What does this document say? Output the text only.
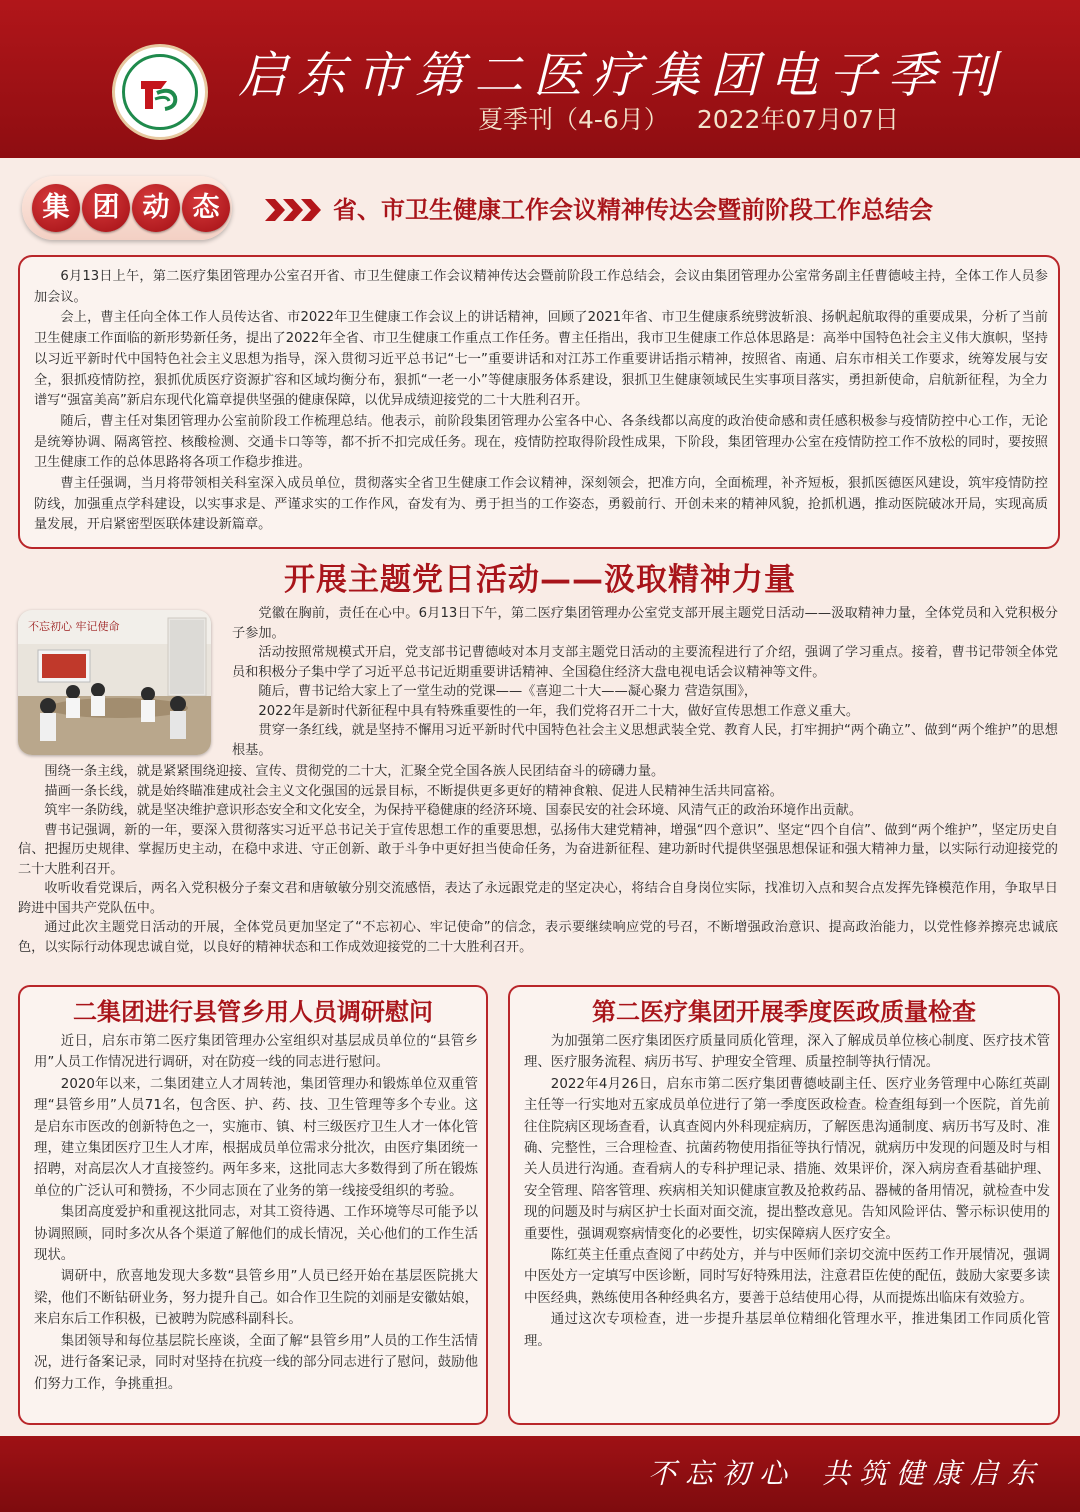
启东市第二医疗集团电子季刊
夏季刊（4-6月） 2022年07月07日
集 团 动 态	省、市卫生健康工作会议精神传达会暨前阶段工作总结会

6月13日上午，第二医疗集团管理办公室召开省、市卫生健康工作会议精神传达会暨前阶段工作总结会，会议由集团管理办公室常务副主任曹德岐主持，全体工作人员参加会议。

会上，曹主任向全体工作人员传达省、市2022年卫生健康工作会议上的讲话精神，回顾了2021年省、市卫生健康系统劈波斩浪、扬帆起航取得的重要成果，分析了当前卫生健康工作面临的新形势新任务，提出了2022年全省、市卫生健康工作重点工作任务。曹主任指出，我市卫生健康工作总体思路是：高举中国特色社会主义伟大旗帜，坚持以习近平新时代中国特色社会主义思想为指导，深入贯彻习近平总书记“七一”重要讲话和对江苏工作重要讲话指示精神，按照省、南通、启东市相关工作要求，统筹发展与安全，狠抓疫情防控，狠抓优质医疗资源扩容和区域均衡分布，狠抓“一老一小”等健康服务体系建设，狠抓卫生健康领域民生实事项目落实，勇担新使命，启航新征程，为全力谱写“强富美高”新启东现代化篇章提供坚强的健康保障，以优异成绩迎接党的二十大胜利召开。

随后，曹主任对集团管理办公室前阶段工作梳理总结。他表示，前阶段集团管理办公室各中心、各条线都以高度的政治使命感和责任感积极参与疫情防控中心工作，无论是统筹协调、隔离管控、核酸检测、交通卡口等等，都不折不扣完成任务。现在，疫情防控取得阶段性成果，下阶段，集团管理办公室在疫情防控工作不放松的同时，要按照卫生健康工作的总体思路将各项工作稳步推进。

曹主任强调，当月将带领相关科室深入成员单位，贯彻落实全省卫生健康工作会议精神，深刻领会，把准方向，全面梳理，补齐短板，狠抓医德医风建设，筑牢疫情防控防线，加强重点学科建设，以实事求是、严谨求实的工作作风，奋发有为、勇于担当的工作姿态，勇毅前行、开创未来的精神风貌，抢抓机遇，推动医院破冰开局，实现高质量发展，开启紧密型医联体建设新篇章。

开展主题党日活动——汲取精神力量
不忘初心 牢记使命

党徽在胸前，责任在心中。6月13日下午，第二医疗集团管理办公室党支部开展主题党日活动——汲取精神力量，全体党员和入党积极分子参加。

活动按照常规模式开启，党支部书记曹德岐对本月支部主题党日活动的主要流程进行了介绍，强调了学习重点。接着，曹书记带领全体党员和积极分子集中学了习近平总书记近期重要讲话精神、全国稳住经济大盘电视电话会议精神等文件。

随后，曹书记给大家上了一堂生动的党课——《喜迎二十大——凝心聚力 营造氛围》，

2022年是新时代新征程中具有特殊重要性的一年，我们党将召开二十大，做好宣传思想工作意义重大。

贯穿一条红线，就是坚持不懈用习近平新时代中国特色社会主义思想武装全党、教育人民，打牢拥护“两个确立”、做到“两个维护”的思想根基。

围绕一条主线，就是紧紧围绕迎接、宣传、贯彻党的二十大，汇聚全党全国各族人民团结奋斗的磅礴力量。

描画一条长线，就是始终瞄准建成社会主义文化强国的远景目标，不断提供更多更好的精神食粮、促进人民精神生活共同富裕。

筑牢一条防线，就是坚决维护意识形态安全和文化安全，为保持平稳健康的经济环境、国泰民安的社会环境、风清气正的政治环境作出贡献。

曹书记强调，新的一年，要深入贯彻落实习近平总书记关于宣传思想工作的重要思想，弘扬伟大建党精神，增强“四个意识”、坚定“四个自信”、做到“两个维护”，坚定历史自信、把握历史规律、掌握历史主动，在稳中求进、守正创新、敢于斗争中更好担当使命任务，为奋进新征程、建功新时代提供坚强思想保证和强大精神力量，以实际行动迎接党的二十大胜利召开。

收听收看党课后，两名入党积极分子秦文君和唐敏敏分别交流感悟，表达了永远跟党走的坚定决心，将结合自身岗位实际，找准切入点和契合点发挥先锋模范作用，争取早日跨进中国共产党队伍中。

通过此次主题党日活动的开展，全体党员更加坚定了“不忘初心、牢记使命”的信念，表示要继续响应党的号召，不断增强政治意识、提高政治能力，以党性修养擦亮忠诚底色，以实际行动体现忠诚自觉，以良好的精神状态和工作成效迎接党的二十大胜利召开。

二集团进行县管乡用人员调研慰问

近日，启东市第二医疗集团管理办公室组织对基层成员单位的“县管乡用”人员工作情况进行调研，对在防疫一线的同志进行慰问。

2020年以来，二集团建立人才周转池，集团管理办和锻炼单位双重管理“县管乡用”人员71名，包含医、护、药、技、卫生管理等多个专业。这是启东市医改的创新特色之一，实施市、镇、村三级医疗卫生人才一体化管理，建立集团医疗卫生人才库，根据成员单位需求分批次，由医疗集团统一招聘，对高层次人才直接签约。两年多来，这批同志大多数得到了所在锻炼单位的广泛认可和赞扬，不少同志顶在了业务的第一线接受组织的考验。

集团高度爱护和重视这批同志，对其工资待遇、工作环境等尽可能予以协调照顾，同时多次从各个渠道了解他们的成长情况，关心他们的工作生活现状。

调研中，欣喜地发现大多数“县管乡用”人员已经开始在基层医院挑大梁，他们不断钻研业务，努力提升自己。如合作卫生院的刘丽是安徽姑娘，来启东后工作积极，已被聘为院感科副科长。

集团领导和每位基层院长座谈，全面了解“县管乡用”人员的工作生活情况，进行备案记录，同时对坚持在抗疫一线的部分同志进行了慰问，鼓励他们努力工作，争挑重担。

第二医疗集团开展季度医政质量检查

为加强第二医疗集团医疗质量同质化管理，深入了解成员单位核心制度、医疗技术管理、医疗服务流程、病历书写、护理安全管理、质量控制等执行情况。

2022年4月26日，启东市第二医疗集团曹德岐副主任、医疗业务管理中心陈红英副主任等一行实地对五家成员单位进行了第一季度医政检查。检查组每到一个医院，首先前往住院病区现场查看，认真查阅内外科现症病历，了解医患沟通制度、病历书写及时、准确、完整性，三合理检查、抗菌药物使用指征等执行情况，就病历中发现的问题及时与相关人员进行沟通。查看病人的专科护理记录、措施、效果评价，深入病房查看基础护理、安全管理、陪客管理、疾病相关知识健康宣教及抢救药品、器械的备用情况，就检查中发现的问题及时与病区护士长面对面交流，提出整改意见。告知风险评估、警示标识使用的重要性，强调观察病情变化的必要性，切实保障病人医疗安全。

陈红英主任重点查阅了中药处方，并与中医师们亲切交流中医药工作开展情况，强调中医处方一定填写中医诊断，同时写好特殊用法，注意君臣佐使的配伍，鼓励大家要多读中医经典，熟练使用各种经典名方，要善于总结使用心得，从而提炼出临床有效验方。

通过这次专项检查，进一步提升基层单位精细化管理水平，推进集团工作同质化管理。

不忘初心 共筑健康启东
